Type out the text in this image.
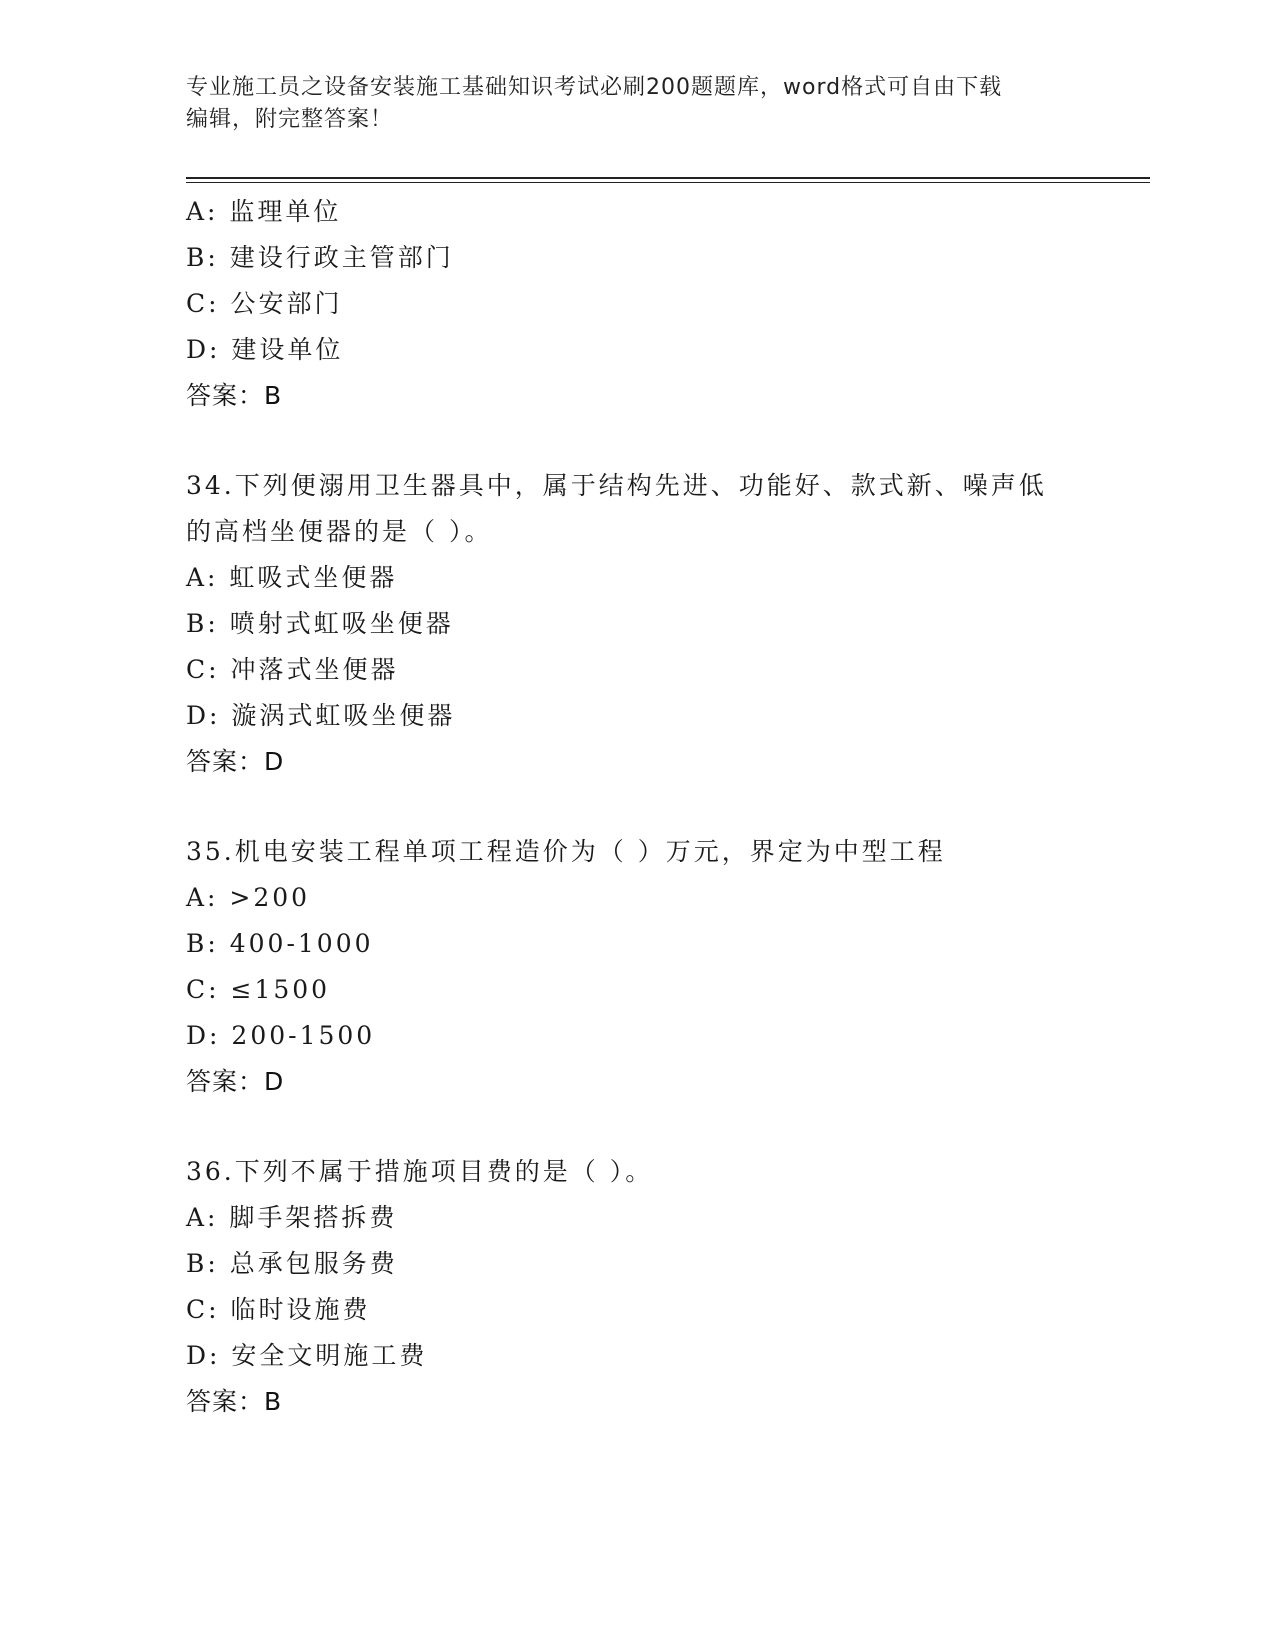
专业施工员之设备安装施工基础知识考试必刷200题题库，word格式可自由下载
编辑，附完整答案！
A: 监理单位
B: 建设行政主管部门
C: 公安部门
D: 建设单位
答案：B
34.下列便溺用卫生器具中，属于结构先进、功能好、款式新、噪声低
的高档坐便器的是（ ）。
A: 虹吸式坐便器
B: 喷射式虹吸坐便器
C: 冲落式坐便器
D: 漩涡式虹吸坐便器
答案：D
35.机电安装工程单项工程造价为（ ）万元，界定为中型工程
A: >200
B: 400-1000
C: ≤1500
D: 200-1500
答案：D
36.下列不属于措施项目费的是（ ）。
A: 脚手架搭拆费
B: 总承包服务费
C: 临时设施费
D: 安全文明施工费
答案：B
